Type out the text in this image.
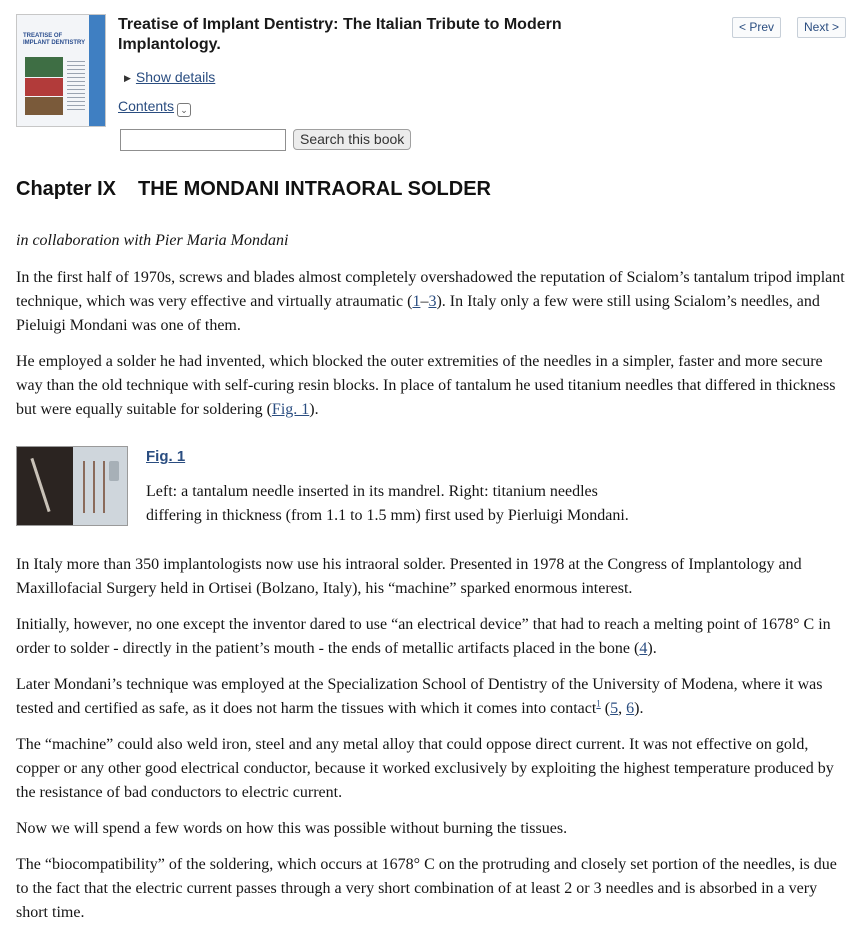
TREATISE OF IMPLANT DENTISTRY
Treatise of Implant Dentistry: The Italian Tribute to Modern Implantology.
< Prev	Next >
▶ Show details
Contents ⌄
Search this book
Chapter IX THE MONDANI INTRAORAL SOLDER

in collaboration with Pier Maria Mondani

In the first half of 1970s, screws and blades almost completely overshadowed the reputation of Scialom’s tantalum tripod implant technique, which was very effective and virtually atraumatic (1–3). In Italy only a few were still using Scialom’s needles, and Pieluigi Mondani was one of them.

He employed a solder he had invented, which blocked the outer extremities of the needles in a simpler, faster and more secure way than the old technique with self-curing resin blocks. In place of tantalum he used titanium needles that differed in thickness but were equally suitable for soldering (Fig. 1).

Fig. 1

Left: a tantalum needle inserted in its mandrel. Right: titanium needles
differing in thickness (from 1.1 to 1.5 mm) first used by Pierluigi Mondani.

In Italy more than 350 implantologists now use his intraoral solder. Presented in 1978 at the Congress of Implantology and Maxillofacial Surgery held in Ortisei (Bolzano, Italy), his “machine” sparked enormous interest.

Initially, however, no one except the inventor dared to use “an electrical device” that had to reach a melting point of 1678° C in order to solder - directly in the patient’s mouth - the ends of metallic artifacts placed in the bone (4).

Later Mondani’s technique was employed at the Specialization School of Dentistry of the University of Modena, where it was tested and certified as safe, as it does not harm the tissues with which it comes into contact$^1$ (5, 6).

The “machine” could also weld iron, steel and any metal alloy that could oppose direct current. It was not effective on gold, copper or any other good electrical conductor, because it worked exclusively by exploiting the highest temperature produced by the resistance of bad conductors to electric current.

Now we will spend a few words on how this was possible without burning the tissues.

The “biocompatibility” of the soldering, which occurs at 1678° C on the protruding and closely set portion of the needles, is due to the fact that the electric current passes through a very short combination of at least 2 or 3 needles and is absorbed in a very short time.
